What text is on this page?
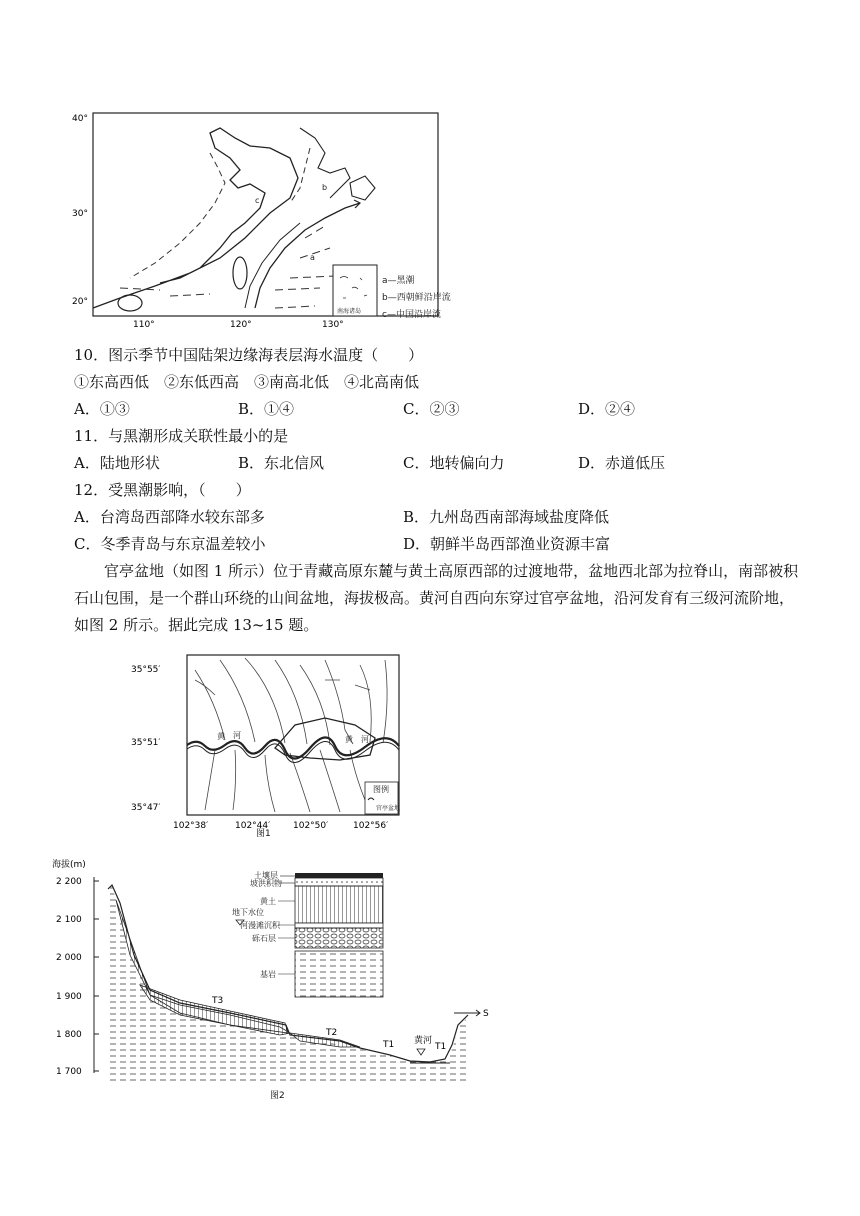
a
b
c
南海诸岛
40°
30°
20°
110°	120°	130°
a—黑潮
b—西朝鲜沿岸流
c—中国沿岸流
10．图示季节中国陆架边缘海表层海水温度（　　）
①东高西低　②东低西高　③南高北低　④北高南低
A．①③	B．①④	C．②③	D．②④
11．与黑潮形成关联性最小的是
A．陆地形状	B．东北信风	C．地转偏向力	D．赤道低压
12．受黑潮影响，（　　）
A．台湾岛西部降水较东部多	B．九州岛西南部海域盐度降低
C．冬季青岛与东京温差较小	D．朝鲜半岛西部渔业资源丰富
官亭盆地（如图 1 所示）位于青藏高原东麓与黄土高原西部的过渡地带，盆地西北部为拉脊山，南部被积石山包围，是一个群山环绕的山间盆地，海拔极高。黄河自西向东穿过官亭盆地，沿河发育有三级河流阶地，如图 2 所示。据此完成 13~15 题。
黄 河	黄 河
图例
官亭盆地
35°55′
35°51′
35°47′
102°38′	102°44′	102°50′	102°56′
图1
海拔(m)
2 200
2 100
2 000
1 900
1 800
1 700
S
T3
T2
T1	T1
黄河
土壤层
坡洪积物
黄土
地下水位
河漫滩沉积
砾石层
基岩
图2
